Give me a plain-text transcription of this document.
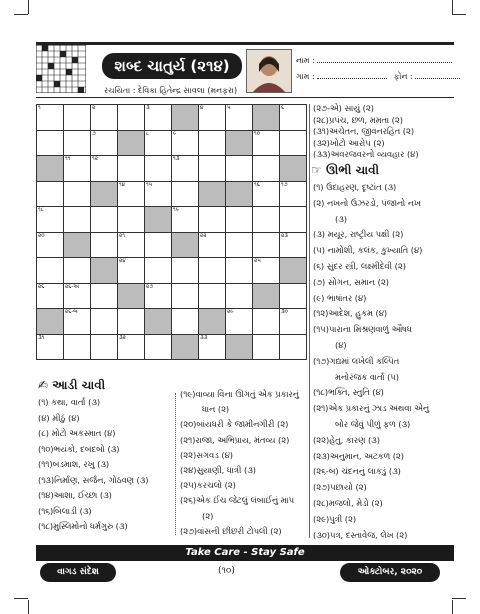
શબ્દ ચાતુર્ય (૨૧૪)
રચયિતા : દેવિકા હિતેન્દ્ર સાવલા (મનફરા)
નામ :
ગામ :	ફોન :
૧	૨	૩	૪	૫	૬
૭	૮	૯	૧૦
૧૧	૧૨	૧૩
૧૪	૧૫	૧૬	૧૭
૧૮	૧૯
૨૦	૨૧	૨૨	૨૩
૨૪	૨૫
૨૬	૨૬-અ	૨૭
૨૬-બ	૨૯	૩૦
૩૧	૩૨	૩૩
(૨૭-એ) સાયું (૨)
(૨૮)પ્રપંચ, છળ, મમતા (૨)
(૩૧)અચેતન, જીવનરહિત (૨)
(૩૨)ખોટો આરોપ (૨)
(૩૩)અવરજવરનો વ્યવહાર (૪)
☞ ઊભી ચાવી
(૧) ઉદાહરણ, દૃષ્ટાંત (૩)
(૨) નખનો ઉઝરડો, પંજાનો નખ
(૩)
(૩) મયૂર, રાષ્ટ્રીય પક્ષી (૨)
(૫) નામોશી, કલંક, કુખ્યાતિ (૪)
(૬) સુંદર સ્ત્રી, લક્ષ્મીદેવી (૨)
(૭) સોગન, સમાન (૨)
(૯) ભાષાંતર (૪)
(૧૨)આદેશ, હુકમ (૪)
(૧૫)પારાના મિશ્રણવાળું ઔષધ
(૪)
(૧૭)ગદ્યમાં લખેલી કલ્પિત
મનોરંજક વાર્તા (૫)
(૧૮)ભક્તિ, સ્તુતિ (૪)
(૨૧)એક પ્રકારનું ઝાડ અથવા એનું
બોર જેવું પીળું ફળ (૩)
(૨૨)હેતુ, કારણ (૩)
(૨૩)અનુમાન, અટકળ (૨)
(૨૬-બ) ચંદનનું લાકડું (૩)
(૨૭)પછાયો (૨)
(૨૮)મજલો, મેડો (૨)
(૨૯)પુત્રી (૨)
(૩૦)પત્ર, દસ્તાવેજ, લેખ (૨)
✍ આડી ચાવી
(૧) કથા, વાર્તા (૩)
(૪) મીઠું (૪)
(૮) મોટો અકસ્માત (૪)
(૧૦)ભયંકો, દબદબો (૩)
(૧૧)બડમાશ, રખુ (૩)
(૧૩)નિર્માણ, સર્જન, ગોઠવણ (૩)
(૧૪)આશા, ઈચ્છા (૩)
(૧૬)બિલાડી (૩)
(૧૮)મુસ્લિમોનો ધર્મગુરુ (૩)
(૧૯)વાવ્યા વિના ઊગતું એક પ્રકારનું
ધાન (૨)
(૨૦)બાંયધરી કે જામીનગીરી (૨)
(૨૧)રાજા, અભિપ્રાય, મંતવ્ય (૨)
(૨૨)સગવડ (૪)
(૨૪)સુયાણી, ધાત્રી (૩)
(૨૫)કરચલો (૨)
(૨૬)એક ઈંચ જેટલું લંબાઈનું માપ
(૨)
(૨૭)વાંસની છીછરી ટોપલી (૨)
Take Care - Stay Safe
વાગડ સંદેશ	(૧૦)	ઓક્ટોબર, ૨૦૨૦
